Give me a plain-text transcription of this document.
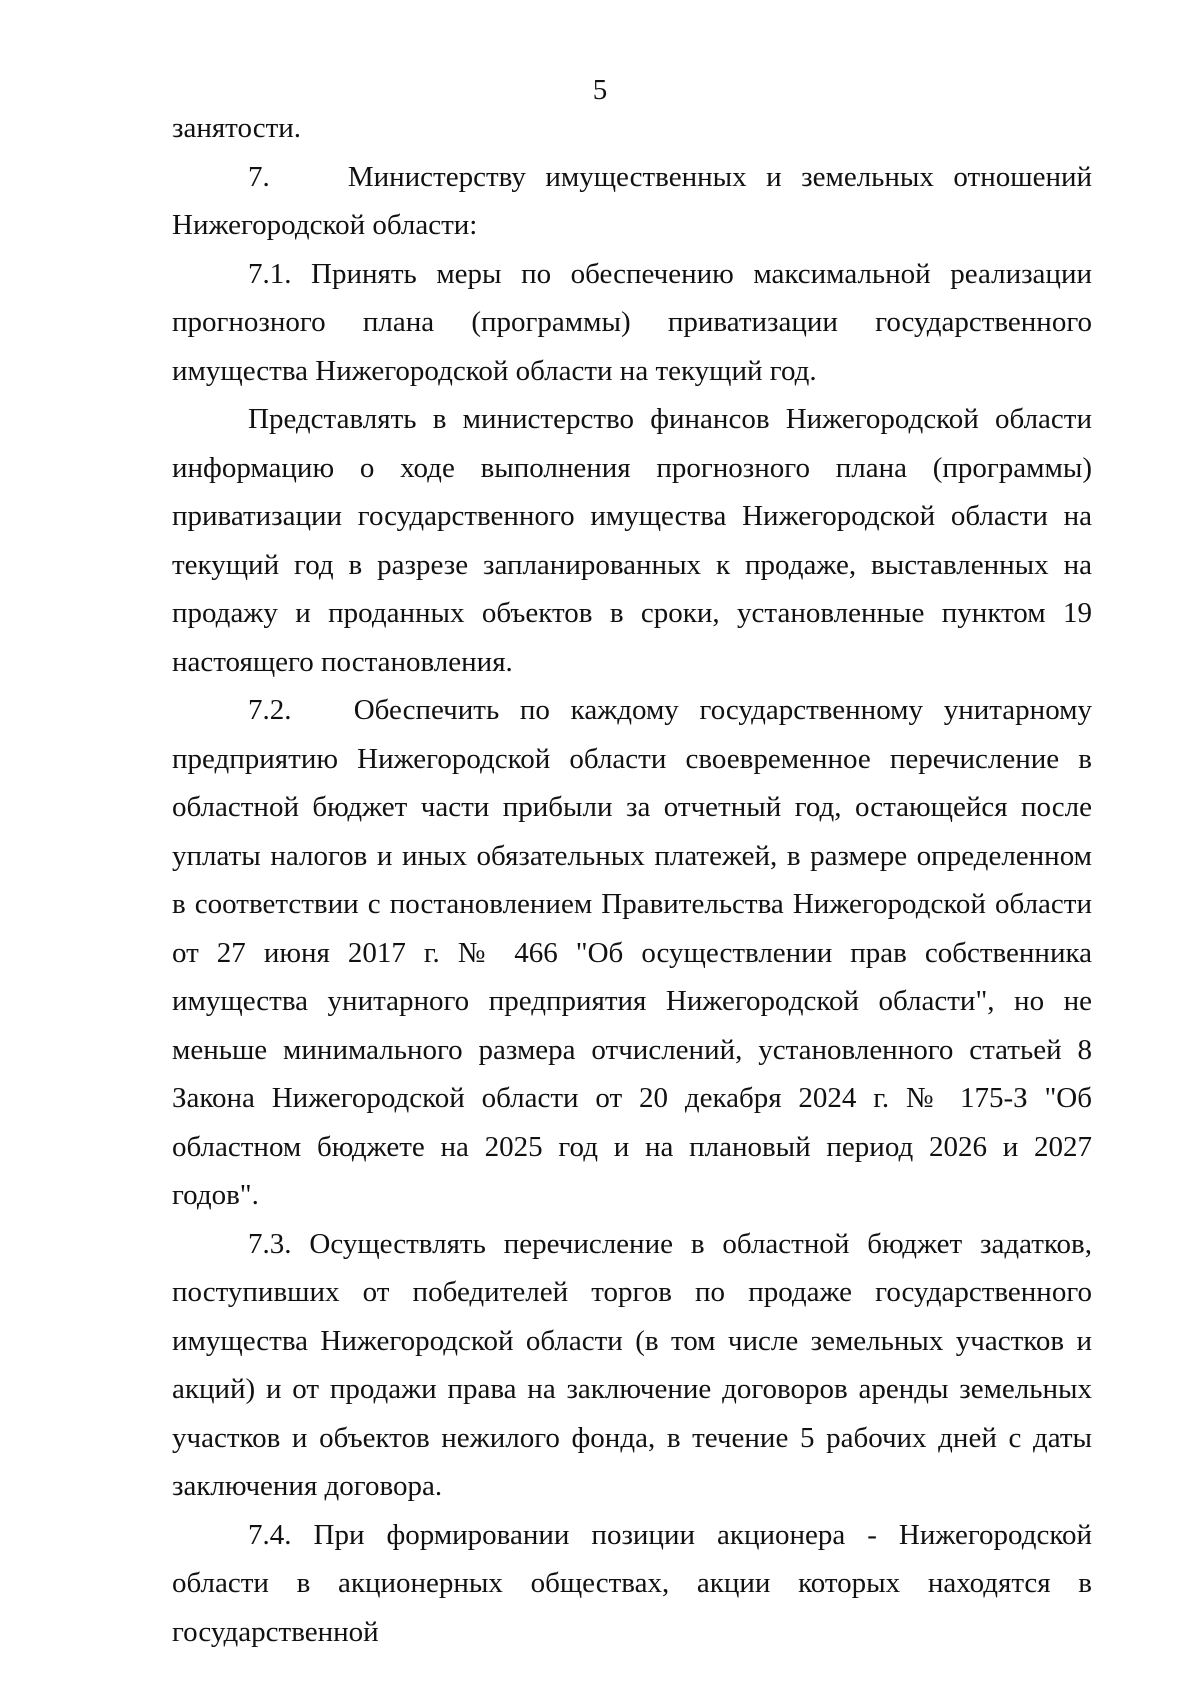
5

занятости.

7.    Министерству имущественных и земельных отношений Нижегородской области:

7.1. Принять меры по обеспечению максимальной реализации прогнозного плана (программы) приватизации государственного имущества Нижегородской области на текущий год.

Представлять в министерство финансов Нижегородской области информацию о ходе выполнения прогнозного плана (программы) приватизации государственного имущества Нижегородской области на текущий год в разрезе запланированных к продаже, выставленных на продажу и проданных объектов в сроки, установленные пунктом 19 настоящего постановления.

7.2.   Обеспечить по каждому государственному унитарному предприятию Нижегородской области своевременное перечисление в областной бюджет части прибыли за отчетный год, остающейся после уплаты налогов и иных обязательных платежей, в размере определенном в соответствии с постановлением Правительства Нижегородской области от 27 июня 2017 г. № 466 "Об осуществлении прав собственника имущества унитарного предприятия Нижегородской области", но не меньше минимального размера отчислений, установленного статьей 8 Закона Нижегородской области от 20 декабря 2024 г. № 175-З "Об областном бюджете на 2025 год и на плановый период 2026 и 2027 годов".

7.3. Осуществлять перечисление в областной бюджет задатков, поступивших от победителей торгов по продаже государственного имущества Нижегородской области (в том числе земельных участков и акций) и от продажи права на заключение договоров аренды земельных участков и объектов нежилого фонда, в течение 5 рабочих дней с даты заключения договора.

7.4. При формировании позиции акционера - Нижегородской области в акционерных обществах, акции которых находятся в государственной
